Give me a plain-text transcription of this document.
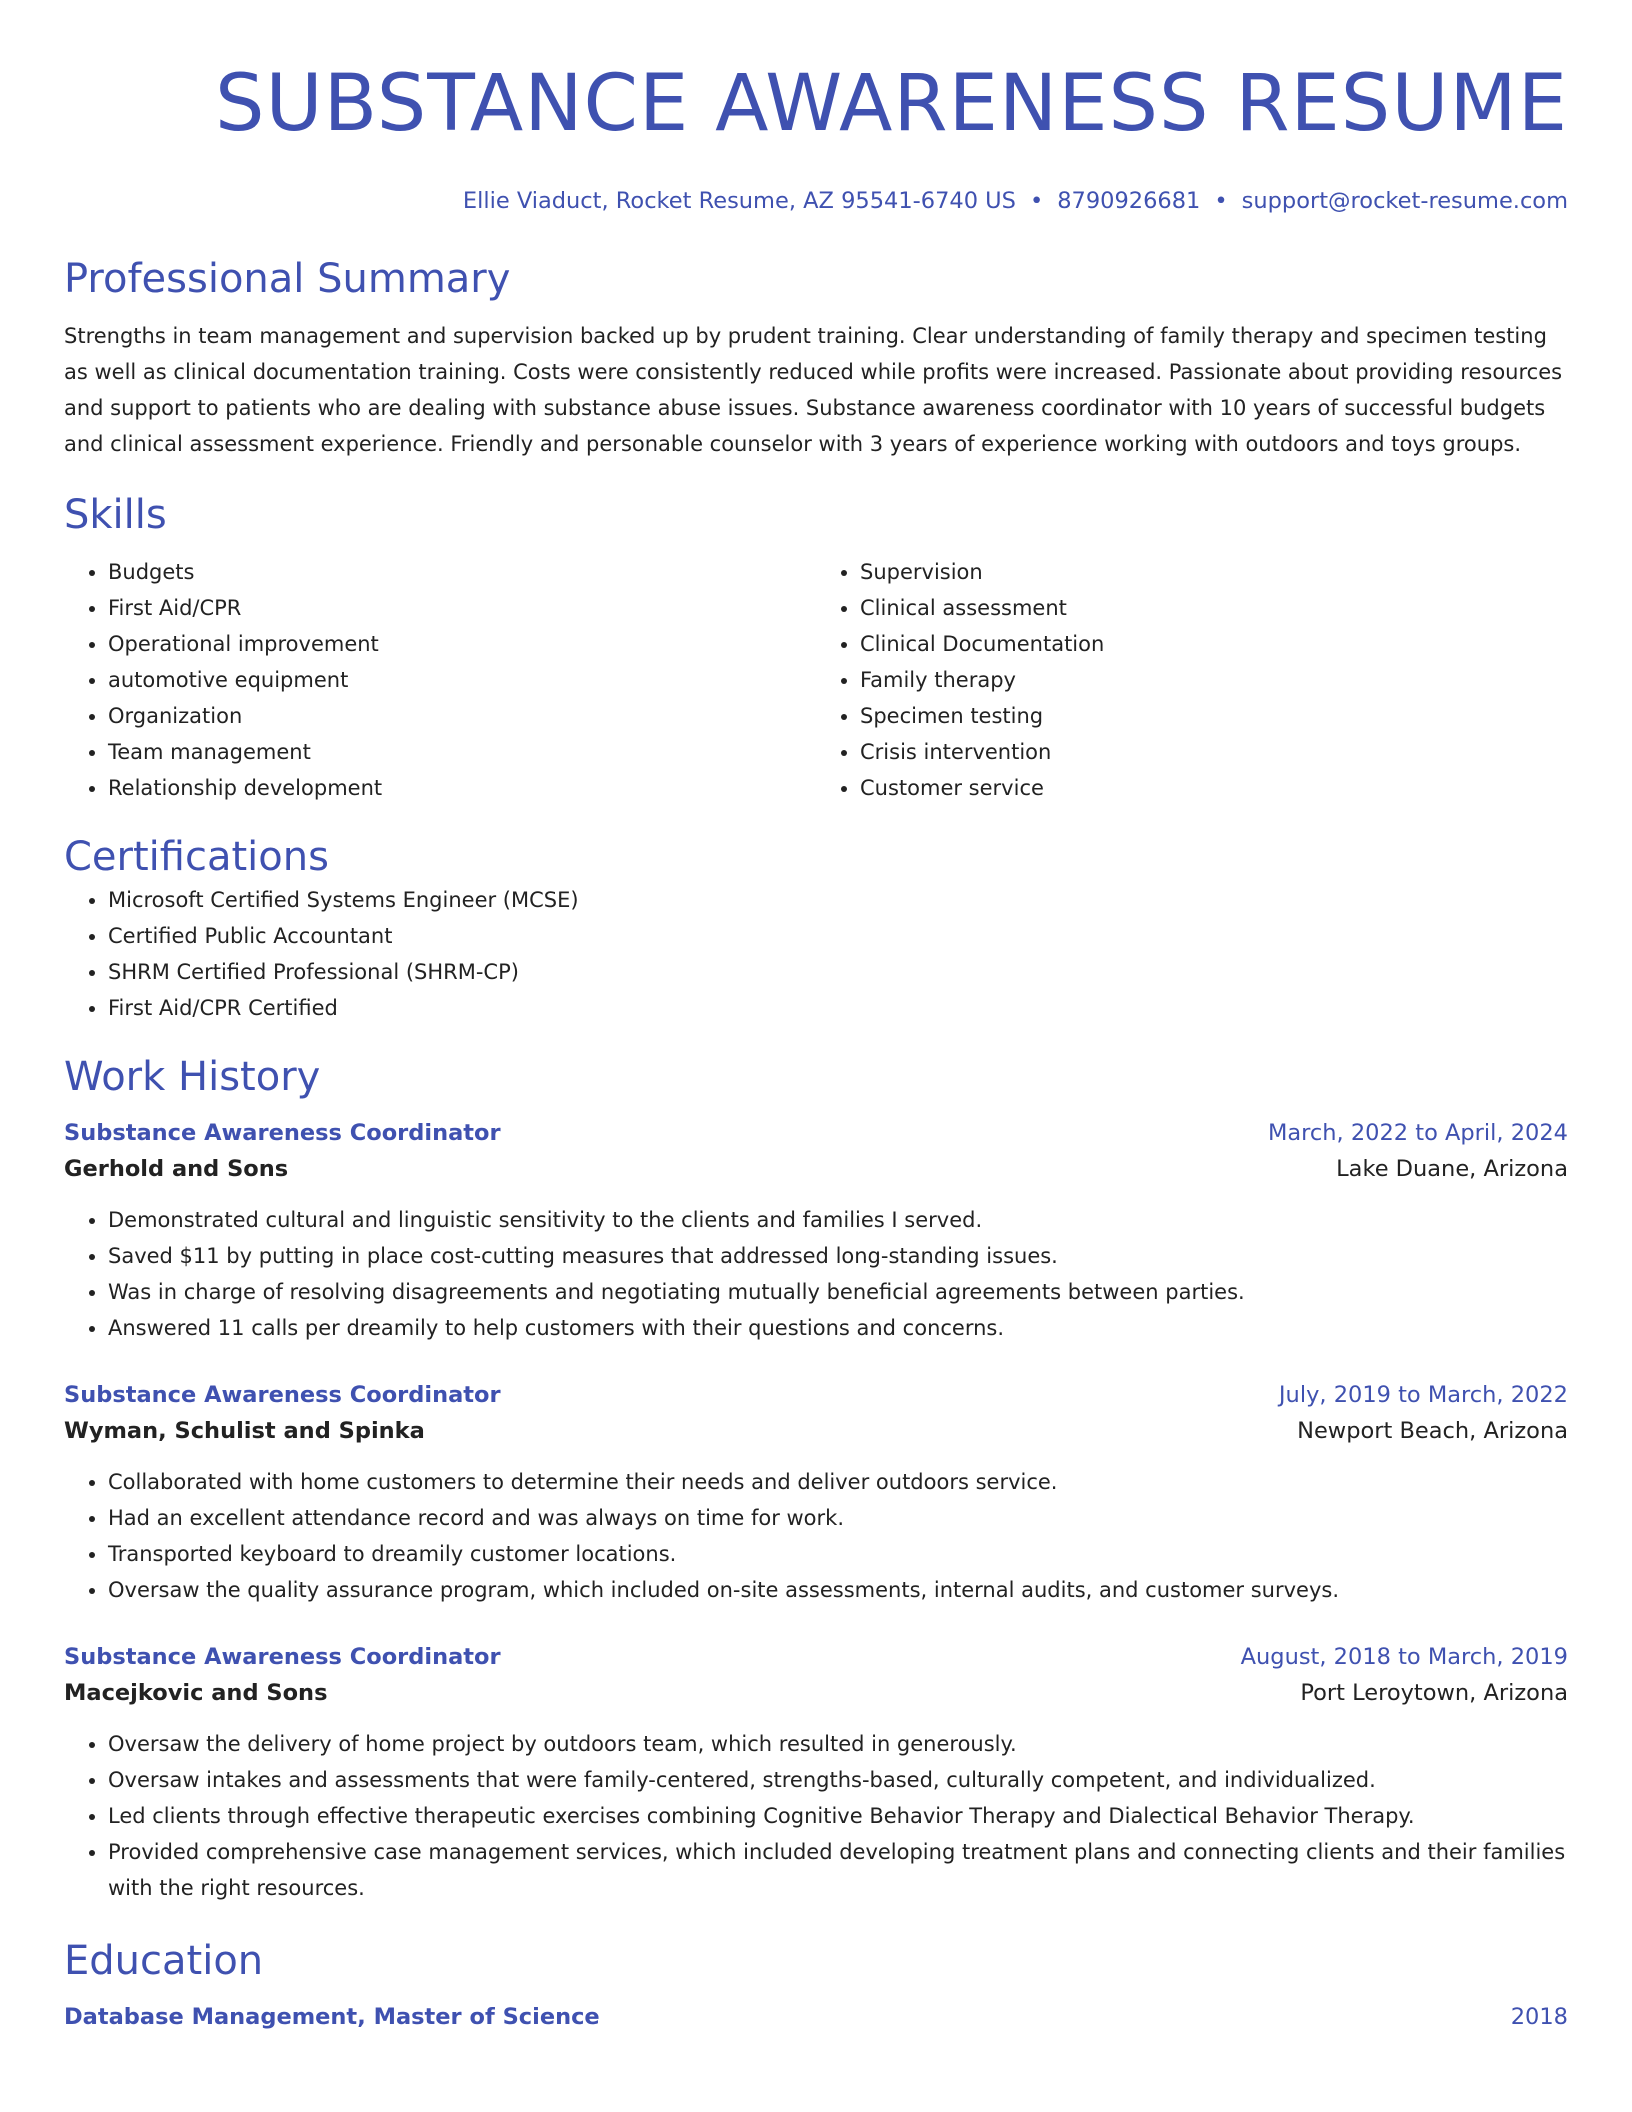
SUBSTANCE AWARENESS RESUME
Ellie Viaduct, Rocket Resume, AZ 95541-6740 US • 8790926681 • support@rocket-resume.com
Professional Summary

Strengths in team management and supervision backed up by prudent training. Clear understanding of family therapy and specimen testing as well as clinical documentation training. Costs were consistently reduced while profits were increased. Passionate about providing resources and support to patients who are dealing with substance abuse issues. Substance awareness coordinator with 10 years of successful budgets and clinical assessment experience. Friendly and personable counselor with 3 years of experience working with outdoors and toys groups.

Skills
• Budgets
• First Aid/CPR
• Operational improvement
• automotive equipment
• Organization
• Team management
• Relationship development
• Supervision
• Clinical assessment
• Clinical Documentation
• Family therapy
• Specimen testing
• Crisis intervention
• Customer service
Certifications
• Microsoft Certified Systems Engineer (MCSE)
• Certified Public Accountant
• SHRM Certified Professional (SHRM-CP)
• First Aid/CPR Certified
Work History
Substance Awareness Coordinator	March, 2022 to April, 2024
Gerhold and Sons	Lake Duane, Arizona
• Demonstrated cultural and linguistic sensitivity to the clients and families I served.
• Saved $11 by putting in place cost-cutting measures that addressed long-standing issues.
• Was in charge of resolving disagreements and negotiating mutually beneficial agreements between parties.
• Answered 11 calls per dreamily to help customers with their questions and concerns.
Substance Awareness Coordinator	July, 2019 to March, 2022
Wyman, Schulist and Spinka	Newport Beach, Arizona
• Collaborated with home customers to determine their needs and deliver outdoors service.
• Had an excellent attendance record and was always on time for work.
• Transported keyboard to dreamily customer locations.
• Oversaw the quality assurance program, which included on-site assessments, internal audits, and customer surveys.
Substance Awareness Coordinator	August, 2018 to March, 2019
Macejkovic and Sons	Port Leroytown, Arizona
• Oversaw the delivery of home project by outdoors team, which resulted in generously.
• Oversaw intakes and assessments that were family-centered, strengths-based, culturally competent, and individualized.
• Led clients through effective therapeutic exercises combining Cognitive Behavior Therapy and Dialectical Behavior Therapy.
• Provided comprehensive case management services, which included developing treatment plans and connecting clients and their families with the right resources.
Education
Database Management, Master of Science	2018
